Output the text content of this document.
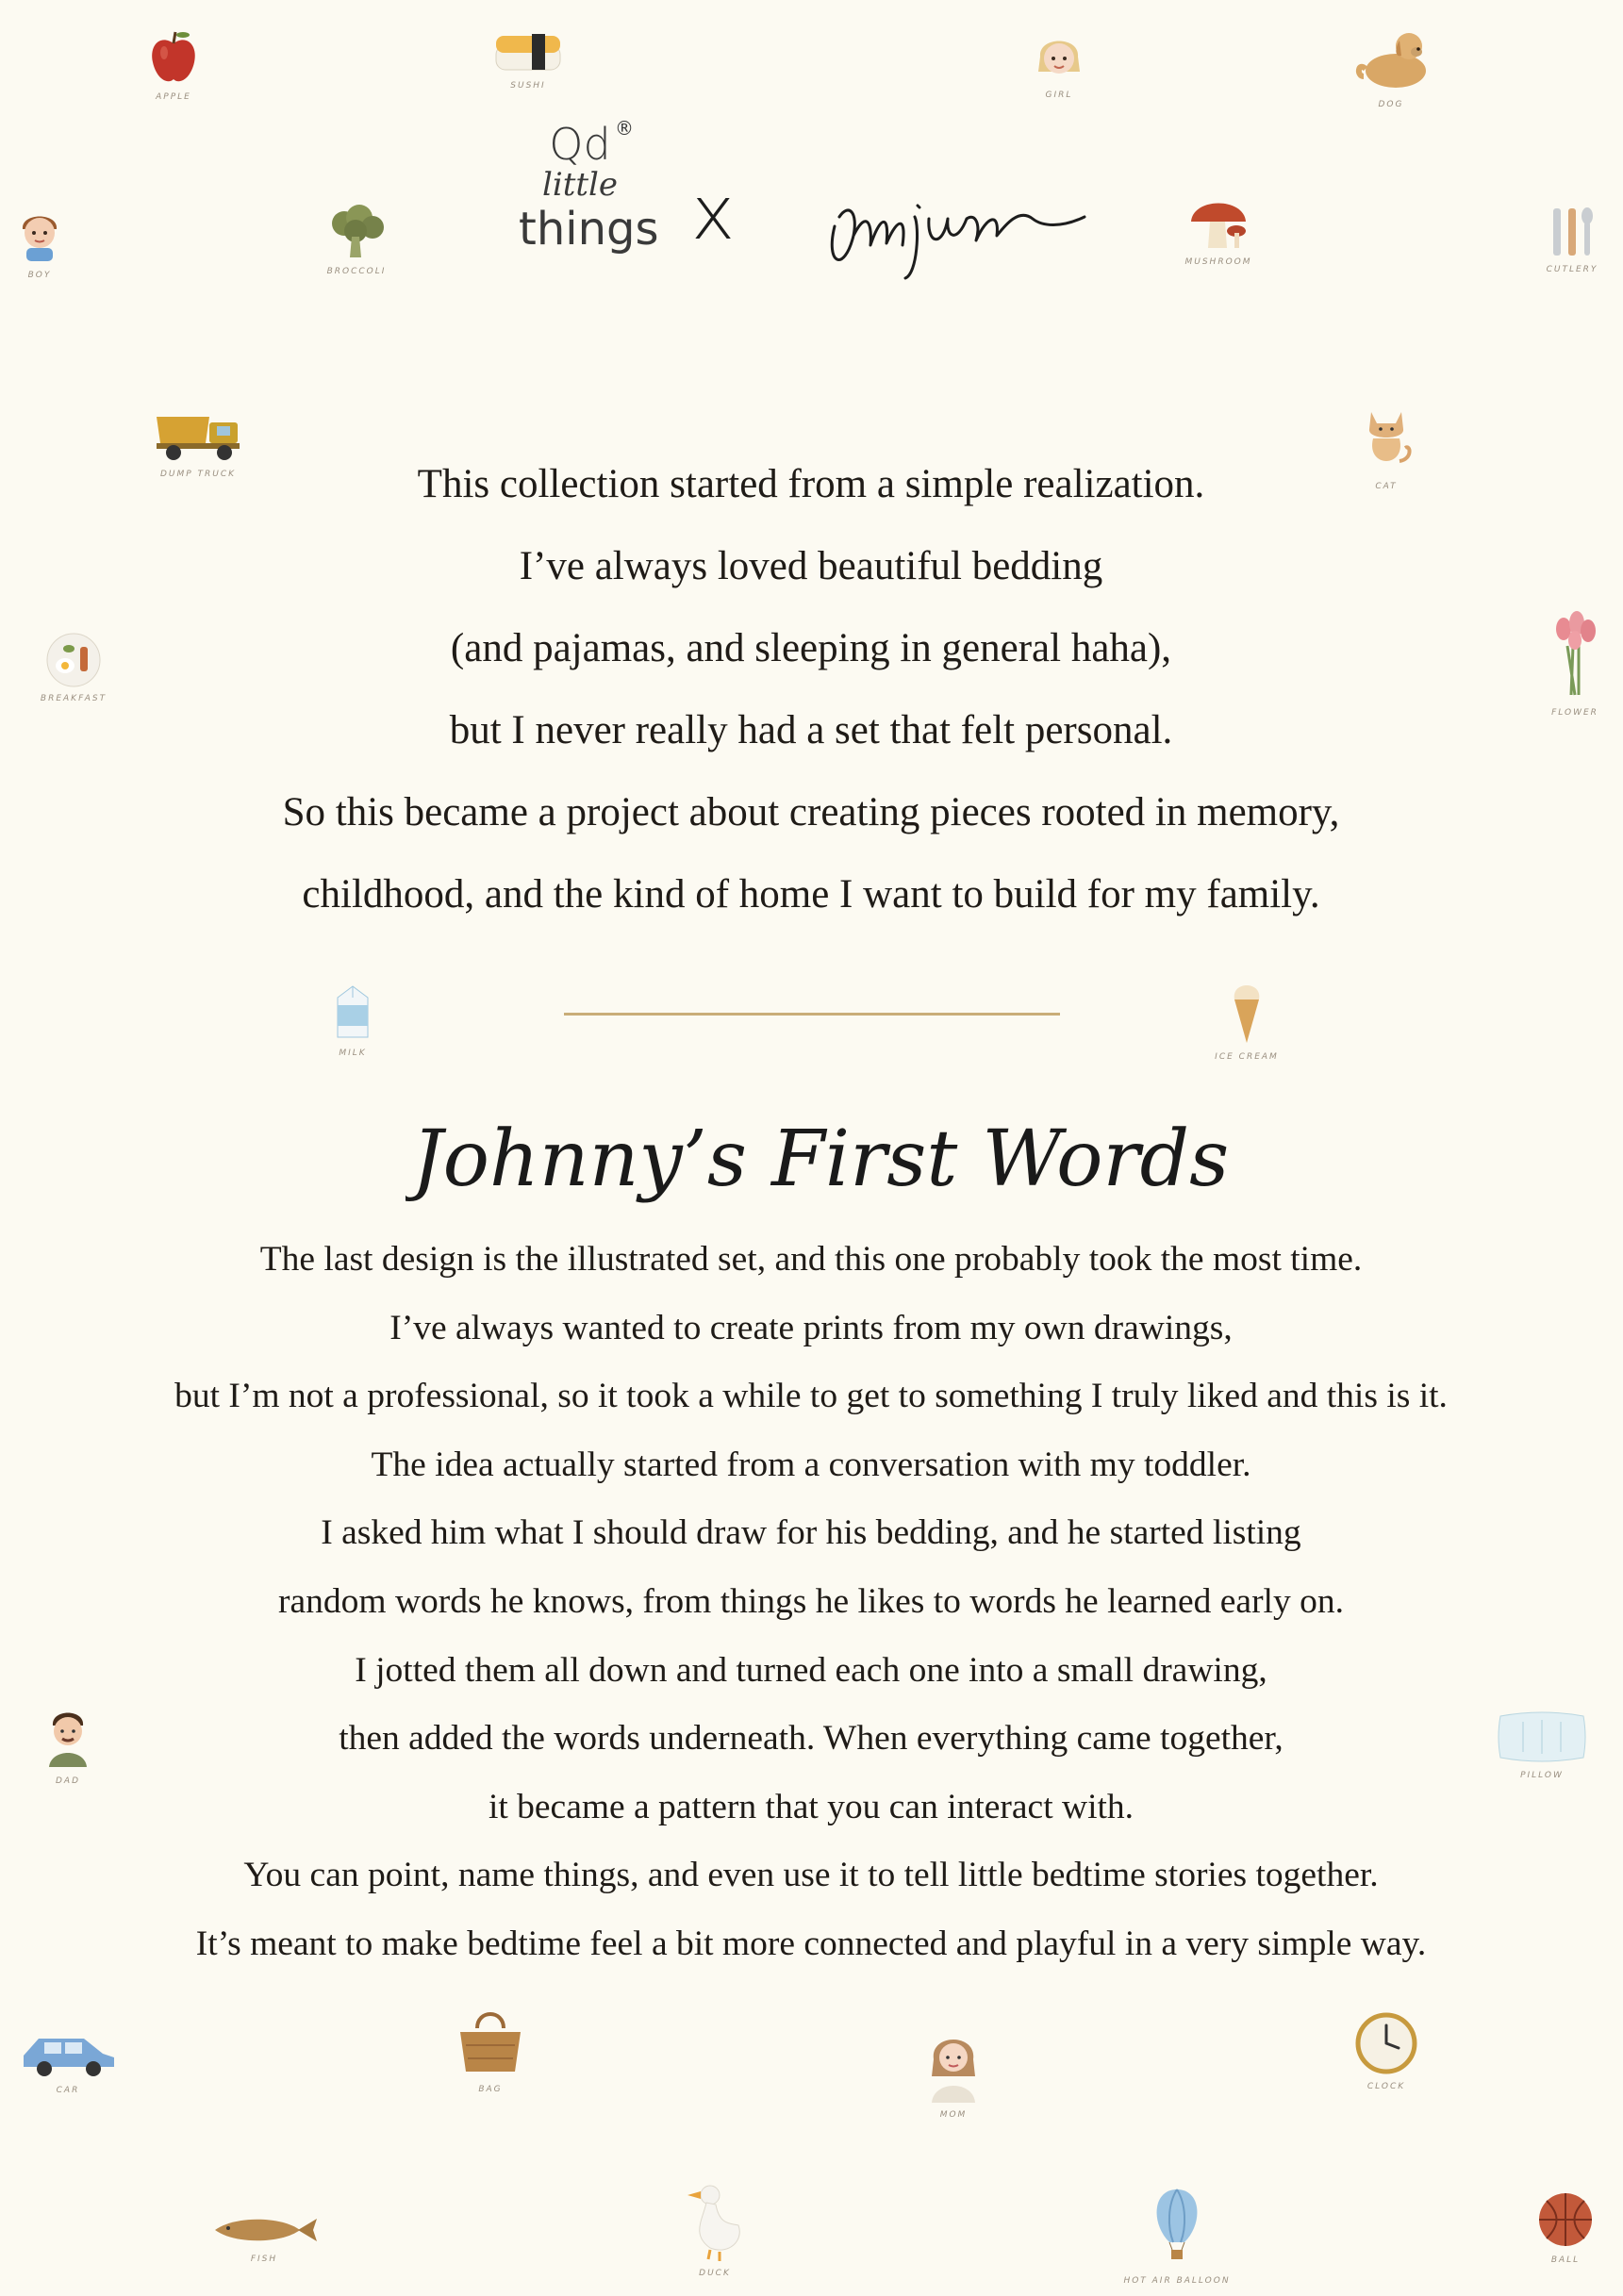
®
Qd
little
things x
This collection started from a simple realization.
I’ve always loved beautiful bedding
(and pajamas, and sleeping in general haha),
but I never really had a set that felt personal.
So this became a project about creating pieces rooted in memory,
childhood, and the kind of home I want to build for my family.
Johnny’s First Words
The last design is the illustrated set, and this one probably took the most time.
I’ve always wanted to create prints from my own drawings,
but I’m not a professional, so it took a while to get to something I truly liked and this is it.
The idea actually started from a conversation with my toddler.
I asked him what I should draw for his bedding, and he started listing
random words he knows, from things he likes to words he learned early on.
I jotted them all down and turned each one into a small drawing,
then added the words underneath. When everything came together,
it became a pattern that you can interact with.
You can point, name things, and even use it to tell little bedtime stories together.
It’s meant to make bedtime feel a bit more connected and playful in a very simple way.
APPLE
SUSHI
GIRL
DOG
BOY	BROCCOLI
MUSHROOM
CUTLERY
DUMP TRUCK
CAT
BREAKFAST
FLOWER
MILK	ICE CREAM
DAD
PILLOW
CAR	BAG
MOM
CLOCK
FISH
DUCK
HOT AIR BALLOON
BALL
